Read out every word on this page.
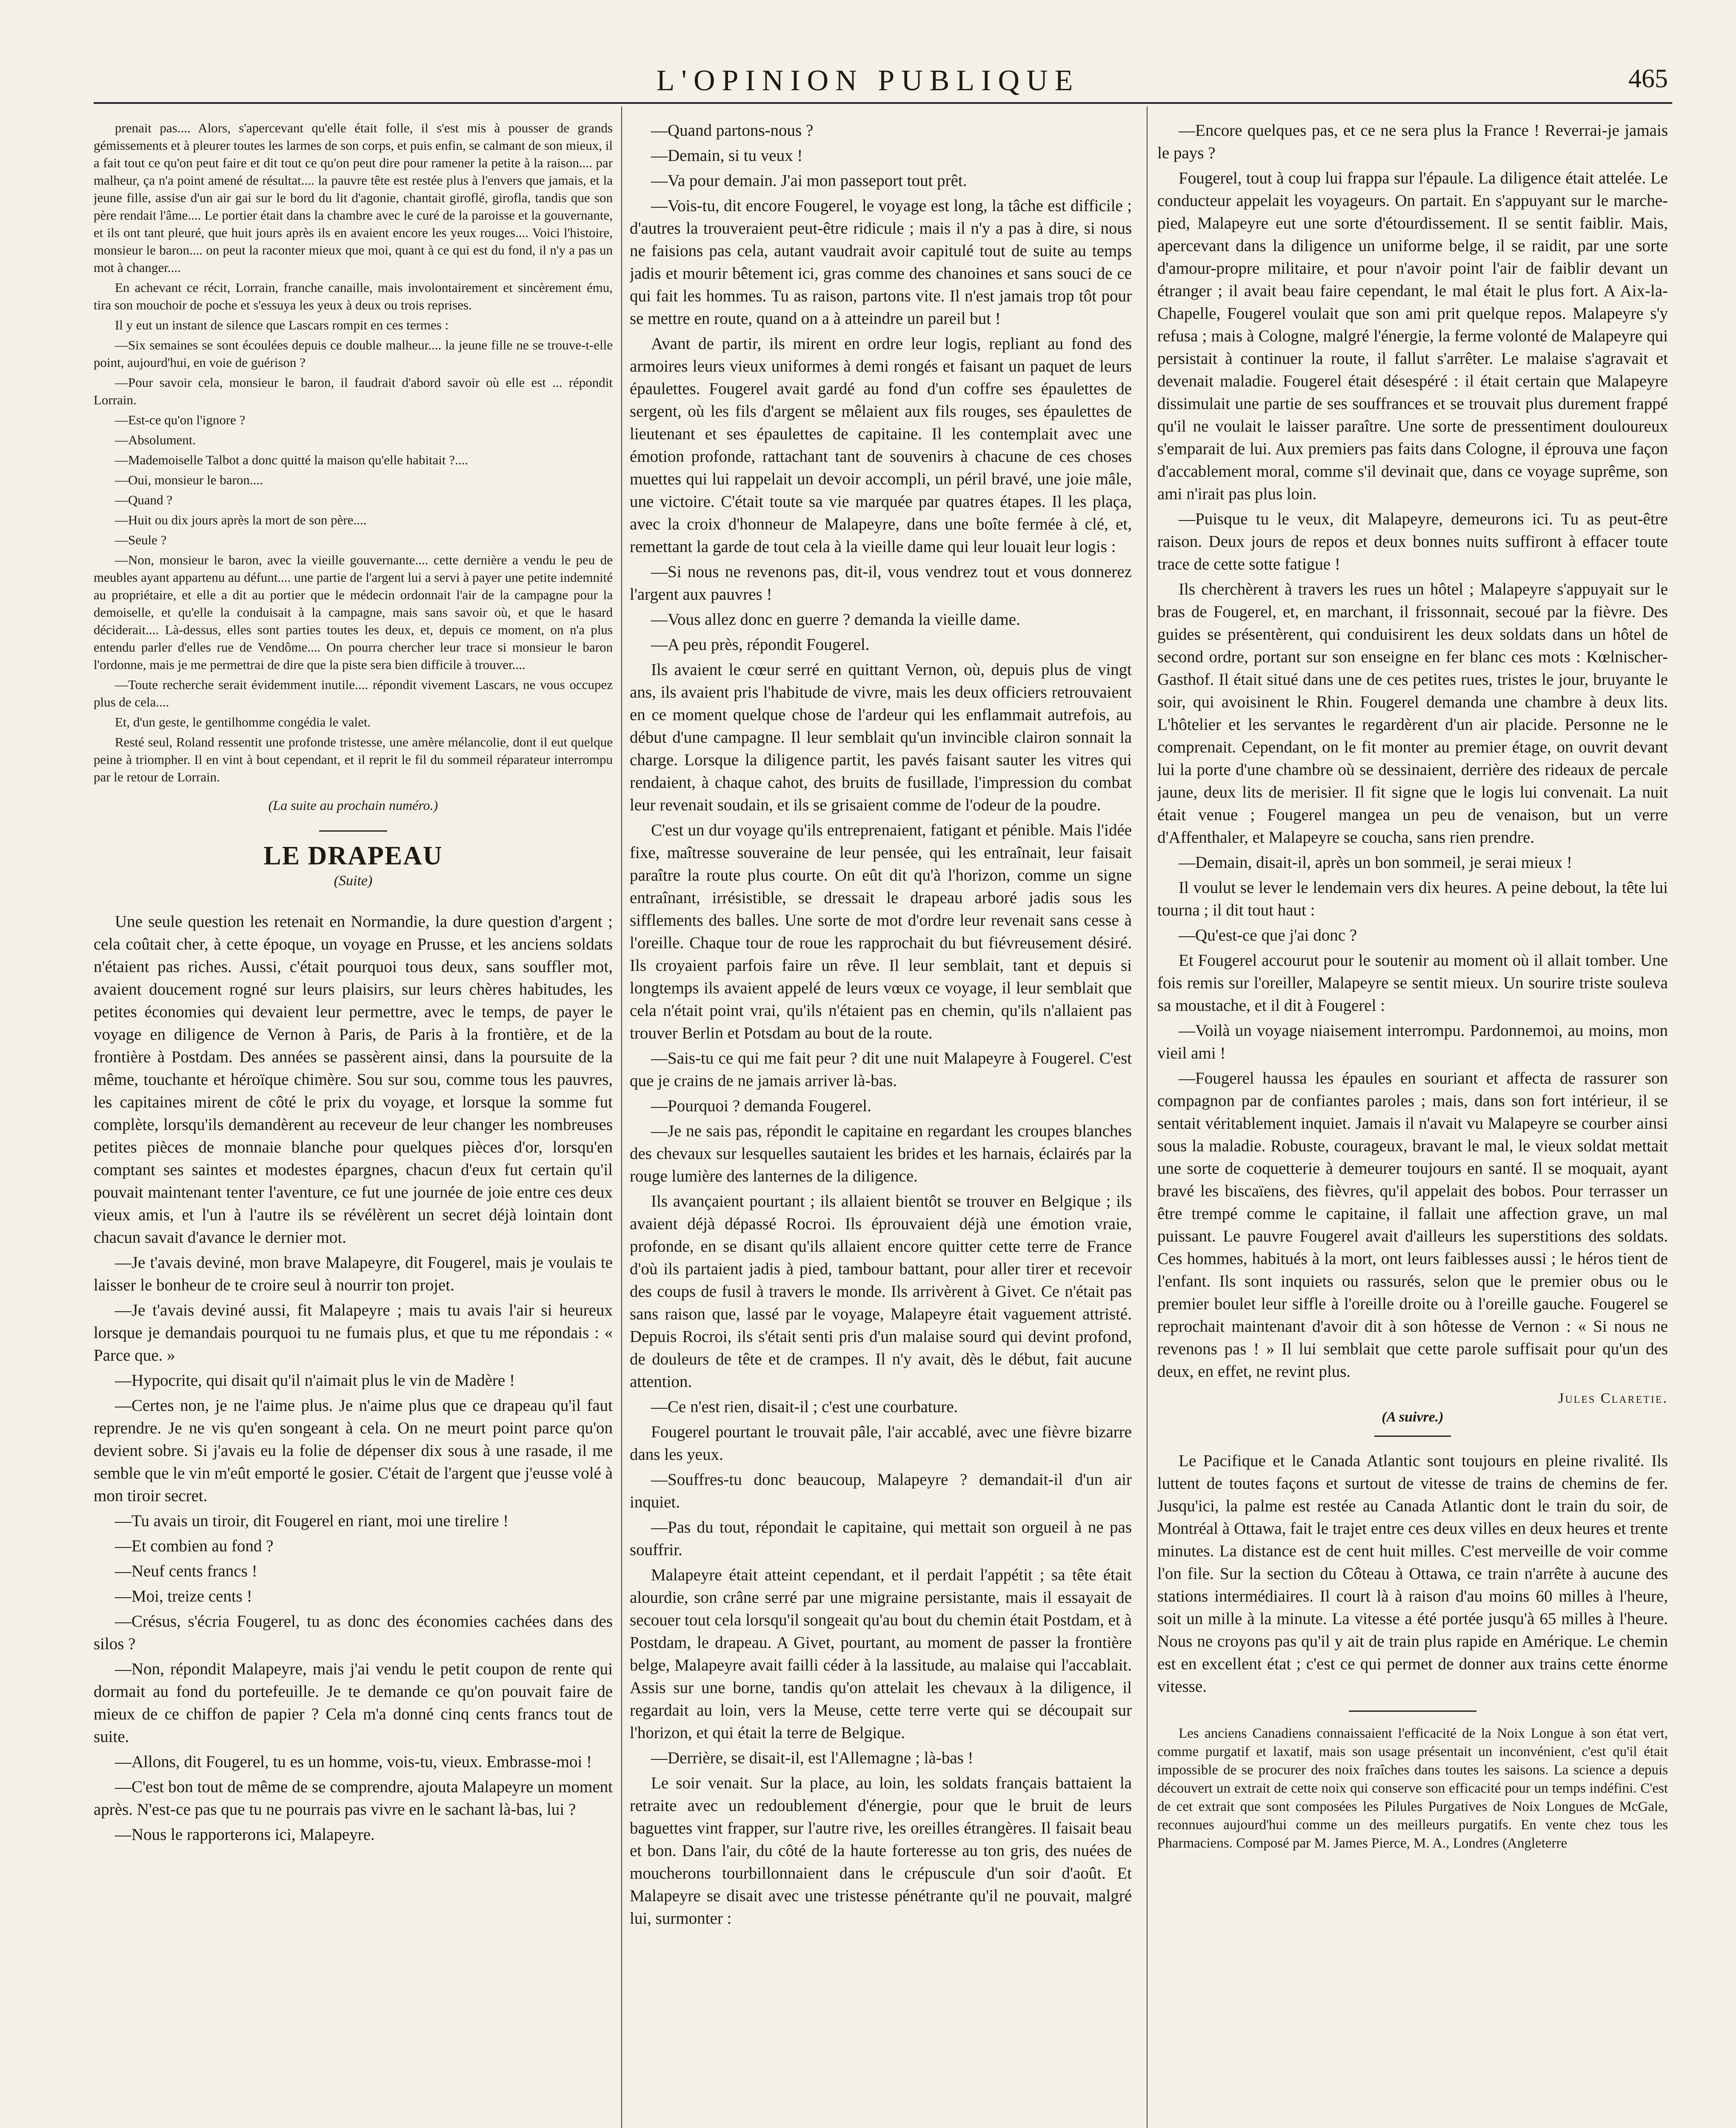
L'OPINION PUBLIQUE	465

prenait pas.... Alors, s'apercevant qu'elle était folle, il s'est mis à pousser de grands gémissements et à pleurer toutes les larmes de son corps, et puis enfin, se calmant de son mieux, il a fait tout ce qu'on peut faire et dit tout ce qu'on peut dire pour ramener la petite à la raison.... par malheur, ça n'a point amené de résultat.... la pauvre tête est restée plus à l'envers que jamais, et la jeune fille, assise d'un air gai sur le bord du lit d'agonie, chantait giroflé, girofla, tandis que son père rendait l'âme.... Le portier était dans la chambre avec le curé de la paroisse et la gouvernante, et ils ont tant pleuré, que huit jours après ils en avaient encore les yeux rouges.... Voici l'histoire, monsieur le baron.... on peut la raconter mieux que moi, quant à ce qui est du fond, il n'y a pas un mot à changer....

En achevant ce récit, Lorrain, franche canaille, mais involontairement et sincèrement ému, tira son mouchoir de poche et s'essuya les yeux à deux ou trois reprises.

Il y eut un instant de silence que Lascars rompit en ces termes :

—Six semaines se sont écoulées depuis ce double malheur.... la jeune fille ne se trouve-t-elle point, aujourd'hui, en voie de guérison ?

—Pour savoir cela, monsieur le baron, il faudrait d'abord savoir où elle est ... répondit Lorrain.

—Est-ce qu'on l'ignore ?

—Absolument.

—Mademoiselle Talbot a donc quitté la maison qu'elle habitait ?....

—Oui, monsieur le baron....

—Quand ?

—Huit ou dix jours après la mort de son père....

—Seule ?

—Non, monsieur le baron, avec la vieille gouvernante.... cette dernière a vendu le peu de meubles ayant appartenu au défunt.... une partie de l'argent lui a servi à payer une petite indemnité au propriétaire, et elle a dit au portier que le médecin ordonnait l'air de la campagne pour la demoiselle, et qu'elle la conduisait à la campagne, mais sans savoir où, et que le hasard déciderait.... Là-dessus, elles sont parties toutes les deux, et, depuis ce moment, on n'a plus entendu parler d'elles rue de Vendôme.... On pourra chercher leur trace si monsieur le baron l'ordonne, mais je me permettrai de dire que la piste sera bien difficile à trouver....

—Toute recherche serait évidemment inutile.... répondit vivement Lascars, ne vous occupez plus de cela....

Et, d'un geste, le gentilhomme congédia le valet.

Resté seul, Roland ressentit une profonde tristesse, une amère mélancolie, dont il eut quelque peine à triompher. Il en vint à bout cependant, et il reprit le fil du sommeil réparateur interrompu par le retour de Lorrain.

(La suite au prochain numéro.)
LE DRAPEAU
(Suite)

Une seule question les retenait en Normandie, la dure question d'argent ; cela coûtait cher, à cette époque, un voyage en Prusse, et les anciens soldats n'étaient pas riches. Aussi, c'était pourquoi tous deux, sans souffler mot, avaient doucement rogné sur leurs plaisirs, sur leurs chères habitudes, les petites économies qui devaient leur permettre, avec le temps, de payer le voyage en diligence de Vernon à Paris, de Paris à la frontière, et de la frontière à Postdam. Des années se passèrent ainsi, dans la poursuite de la même, touchante et héroïque chimère. Sou sur sou, comme tous les pauvres, les capitaines mirent de côté le prix du voyage, et lorsque la somme fut complète, lorsqu'ils demandèrent au receveur de leur changer les nombreuses petites pièces de monnaie blanche pour quelques pièces d'or, lorsqu'en comptant ses saintes et modestes épargnes, chacun d'eux fut certain qu'il pouvait maintenant tenter l'aventure, ce fut une journée de joie entre ces deux vieux amis, et l'un à l'autre ils se révélèrent un secret déjà lointain dont chacun savait d'avance le dernier mot.

—Je t'avais deviné, mon brave Malapeyre, dit Fougerel, mais je voulais te laisser le bonheur de te croire seul à nourrir ton projet.

—Je t'avais deviné aussi, fit Malapeyre ; mais tu avais l'air si heureux lorsque je demandais pourquoi tu ne fumais plus, et que tu me répondais : « Parce que. »

—Hypocrite, qui disait qu'il n'aimait plus le vin de Madère !

—Certes non, je ne l'aime plus. Je n'aime plus que ce drapeau qu'il faut reprendre. Je ne vis qu'en songeant à cela. On ne meurt point parce qu'on devient sobre. Si j'avais eu la folie de dépenser dix sous à une rasade, il me semble que le vin m'eût emporté le gosier. C'était de l'argent que j'eusse volé à mon tiroir secret.

—Tu avais un tiroir, dit Fougerel en riant, moi une tirelire !

—Et combien au fond ?

—Neuf cents francs !

—Moi, treize cents !

—Crésus, s'écria Fougerel, tu as donc des économies cachées dans des silos ?

—Non, répondit Malapeyre, mais j'ai vendu le petit coupon de rente qui dormait au fond du portefeuille. Je te demande ce qu'on pouvait faire de mieux de ce chiffon de papier ? Cela m'a donné cinq cents francs tout de suite.

—Allons, dit Fougerel, tu es un homme, vois-tu, vieux. Embrasse-moi !

—C'est bon tout de même de se comprendre, ajouta Malapeyre un moment après. N'est-ce pas que tu ne pourrais pas vivre en le sachant là-bas, lui ?

—Nous le rapporterons ici, Malapeyre.

—Quand partons-nous ?

—Demain, si tu veux !

—Va pour demain. J'ai mon passeport tout prêt.

—Vois-tu, dit encore Fougerel, le voyage est long, la tâche est difficile ; d'autres la trouveraient peut-être ridicule ; mais il n'y a pas à dire, si nous ne faisions pas cela, autant vaudrait avoir capitulé tout de suite au temps jadis et mourir bêtement ici, gras comme des chanoines et sans souci de ce qui fait les hommes. Tu as raison, partons vite. Il n'est jamais trop tôt pour se mettre en route, quand on a à atteindre un pareil but !

Avant de partir, ils mirent en ordre leur logis, repliant au fond des armoires leurs vieux uniformes à demi rongés et faisant un paquet de leurs épaulettes. Fougerel avait gardé au fond d'un coffre ses épaulettes de sergent, où les fils d'argent se mêlaient aux fils rouges, ses épaulettes de lieutenant et ses épaulettes de capitaine. Il les contemplait avec une émotion profonde, rattachant tant de souvenirs à chacune de ces choses muettes qui lui rappelait un devoir accompli, un péril bravé, une joie mâle, une victoire. C'était toute sa vie marquée par quatres étapes. Il les plaça, avec la croix d'honneur de Malapeyre, dans une boîte fermée à clé, et, remettant la garde de tout cela à la vieille dame qui leur louait leur logis :

—Si nous ne revenons pas, dit-il, vous vendrez tout et vous donnerez l'argent aux pauvres !

—Vous allez donc en guerre ? demanda la vieille dame.

—A peu près, répondit Fougerel.

Ils avaient le cœur serré en quittant Vernon, où, depuis plus de vingt ans, ils avaient pris l'habitude de vivre, mais les deux officiers retrouvaient en ce moment quelque chose de l'ardeur qui les enflammait autrefois, au début d'une campagne. Il leur semblait qu'un invincible clairon sonnait la charge. Lorsque la diligence partit, les pavés faisant sauter les vitres qui rendaient, à chaque cahot, des bruits de fusillade, l'impression du combat leur revenait soudain, et ils se grisaient comme de l'odeur de la poudre.

C'est un dur voyage qu'ils entreprenaient, fatigant et pénible. Mais l'idée fixe, maîtresse souveraine de leur pensée, qui les entraînait, leur faisait paraître la route plus courte. On eût dit qu'à l'horizon, comme un signe entraînant, irrésistible, se dressait le drapeau arboré jadis sous les sifflements des balles. Une sorte de mot d'ordre leur revenait sans cesse à l'oreille. Chaque tour de roue les rapprochait du but fiévreusement désiré. Ils croyaient parfois faire un rêve. Il leur semblait, tant et depuis si longtemps ils avaient appelé de leurs vœux ce voyage, il leur semblait que cela n'était point vrai, qu'ils n'étaient pas en chemin, qu'ils n'allaient pas trouver Berlin et Potsdam au bout de la route.

—Sais-tu ce qui me fait peur ? dit une nuit Malapeyre à Fougerel. C'est que je crains de ne jamais arriver là-bas.

—Pourquoi ? demanda Fougerel.

—Je ne sais pas, répondit le capitaine en regardant les croupes blanches des chevaux sur lesquelles sautaient les brides et les harnais, éclairés par la rouge lumière des lanternes de la diligence.

Ils avançaient pourtant ; ils allaient bientôt se trouver en Belgique ; ils avaient déjà dépassé Rocroi. Ils éprouvaient déjà une émotion vraie, profonde, en se disant qu'ils allaient encore quitter cette terre de France d'où ils partaient jadis à pied, tambour battant, pour aller tirer et recevoir des coups de fusil à travers le monde. Ils arrivèrent à Givet. Ce n'était pas sans raison que, lassé par le voyage, Malapeyre était vaguement attristé. Depuis Rocroi, ils s'était senti pris d'un malaise sourd qui devint profond, de douleurs de tête et de crampes. Il n'y avait, dès le début, fait aucune attention.

—Ce n'est rien, disait-il ; c'est une courbature.

Fougerel pourtant le trouvait pâle, l'air accablé, avec une fièvre bizarre dans les yeux.

—Souffres-tu donc beaucoup, Malapeyre ? demandait-il d'un air inquiet.

—Pas du tout, répondait le capitaine, qui mettait son orgueil à ne pas souffrir.

Malapeyre était atteint cependant, et il perdait l'appétit ; sa tête était alourdie, son crâne serré par une migraine persistante, mais il essayait de secouer tout cela lorsqu'il songeait qu'au bout du chemin était Postdam, et à Postdam, le drapeau. A Givet, pourtant, au moment de passer la frontière belge, Malapeyre avait failli céder à la lassitude, au malaise qui l'accablait. Assis sur une borne, tandis qu'on attelait les chevaux à la diligence, il regardait au loin, vers la Meuse, cette terre verte qui se découpait sur l'horizon, et qui était la terre de Belgique.

—Derrière, se disait-il, est l'Allemagne ; là-bas !

Le soir venait. Sur la place, au loin, les soldats français battaient la retraite avec un redoublement d'énergie, pour que le bruit de leurs baguettes vint frapper, sur l'autre rive, les oreilles étrangères. Il faisait beau et bon. Dans l'air, du côté de la haute forteresse au ton gris, des nuées de moucherons tourbillonnaient dans le crépuscule d'un soir d'août. Et Malapeyre se disait avec une tristesse pénétrante qu'il ne pouvait, malgré lui, surmonter :

—Encore quelques pas, et ce ne sera plus la France ! Reverrai-je jamais le pays ?

Fougerel, tout à coup lui frappa sur l'épaule. La diligence était attelée. Le conducteur appelait les voyageurs. On partait. En s'appuyant sur le marche-pied, Malapeyre eut une sorte d'étourdissement. Il se sentit faiblir. Mais, apercevant dans la diligence un uniforme belge, il se raidit, par une sorte d'amour-propre militaire, et pour n'avoir point l'air de faiblir devant un étranger ; il avait beau faire cependant, le mal était le plus fort. A Aix-la-Chapelle, Fougerel voulait que son ami prit quelque repos. Malapeyre s'y refusa ; mais à Cologne, malgré l'énergie, la ferme volonté de Malapeyre qui persistait à continuer la route, il fallut s'arrêter. Le malaise s'agravait et devenait maladie. Fougerel était désespéré : il était certain que Malapeyre dissimulait une partie de ses souffrances et se trouvait plus durement frappé qu'il ne voulait le laisser paraître. Une sorte de pressentiment douloureux s'emparait de lui. Aux premiers pas faits dans Cologne, il éprouva une façon d'accablement moral, comme s'il devinait que, dans ce voyage suprême, son ami n'irait pas plus loin.

—Puisque tu le veux, dit Malapeyre, demeurons ici. Tu as peut-être raison. Deux jours de repos et deux bonnes nuits suffiront à effacer toute trace de cette sotte fatigue !

Ils cherchèrent à travers les rues un hôtel ; Malapeyre s'appuyait sur le bras de Fougerel, et, en marchant, il frissonnait, secoué par la fièvre. Des guides se présentèrent, qui conduisirent les deux soldats dans un hôtel de second ordre, portant sur son enseigne en fer blanc ces mots : Kœlnischer-Gasthof. Il était situé dans une de ces petites rues, tristes le jour, bruyante le soir, qui avoisinent le Rhin. Fougerel demanda une chambre à deux lits. L'hôtelier et les servantes le regardèrent d'un air placide. Personne ne le comprenait. Cependant, on le fit monter au premier étage, on ouvrit devant lui la porte d'une chambre où se dessinaient, derrière des rideaux de percale jaune, deux lits de merisier. Il fit signe que le logis lui convenait. La nuit était venue ; Fougerel mangea un peu de venaison, but un verre d'Affenthaler, et Malapeyre se coucha, sans rien prendre.

—Demain, disait-il, après un bon sommeil, je serai mieux !

Il voulut se lever le lendemain vers dix heures. A peine debout, la tête lui tourna ; il dit tout haut :

—Qu'est-ce que j'ai donc ?

Et Fougerel accourut pour le soutenir au moment où il allait tomber. Une fois remis sur l'oreiller, Malapeyre se sentit mieux. Un sourire triste souleva sa moustache, et il dit à Fougerel :

—Voilà un voyage niaisement interrompu. Pardonnemoi, au moins, mon vieil ami !

—Fougerel haussa les épaules en souriant et affecta de rassurer son compagnon par de confiantes paroles ; mais, dans son fort intérieur, il se sentait véritablement inquiet. Jamais il n'avait vu Malapeyre se courber ainsi sous la maladie. Robuste, courageux, bravant le mal, le vieux soldat mettait une sorte de coquetterie à demeurer toujours en santé. Il se moquait, ayant bravé les biscaïens, des fièvres, qu'il appelait des bobos. Pour terrasser un être trempé comme le capitaine, il fallait une affection grave, un mal puissant. Le pauvre Fougerel avait d'ailleurs les superstitions des soldats. Ces hommes, habitués à la mort, ont leurs faiblesses aussi ; le héros tient de l'enfant. Ils sont inquiets ou rassurés, selon que le premier obus ou le premier boulet leur siffle à l'oreille droite ou à l'oreille gauche. Fougerel se reprochait maintenant d'avoir dit à son hôtesse de Vernon : « Si nous ne revenons pas ! » Il lui semblait que cette parole suffisait pour qu'un des deux, en effet, ne revint plus.

Jules Claretie.
(A suivre.)

Le Pacifique et le Canada Atlantic sont toujours en pleine rivalité. Ils luttent de toutes façons et surtout de vitesse de trains de chemins de fer. Jusqu'ici, la palme est restée au Canada Atlantic dont le train du soir, de Montréal à Ottawa, fait le trajet entre ces deux villes en deux heures et trente minutes. La distance est de cent huit milles. C'est merveille de voir comme l'on file. Sur la section du Côteau à Ottawa, ce train n'arrête à aucune des stations intermédiaires. Il court là à raison d'au moins 60 milles à l'heure, soit un mille à la minute. La vitesse a été portée jusqu'à 65 milles à l'heure. Nous ne croyons pas qu'il y ait de train plus rapide en Amérique. Le chemin est en excellent état ; c'est ce qui permet de donner aux trains cette énorme vitesse.

Les anciens Canadiens connaissaient l'efficacité de la Noix Longue à son état vert, comme purgatif et laxatif, mais son usage présentait un inconvénient, c'est qu'il était impossible de se procurer des noix fraîches dans toutes les saisons. La science a depuis découvert un extrait de cette noix qui conserve son efficacité pour un temps indéfini. C'est de cet extrait que sont composées les Pilules Purgatives de Noix Longues de McGale, reconnues aujourd'hui comme un des meilleurs purgatifs. En vente chez tous les Pharmaciens. Composé par M. James Pierce, M. A., Londres (Angleterre
